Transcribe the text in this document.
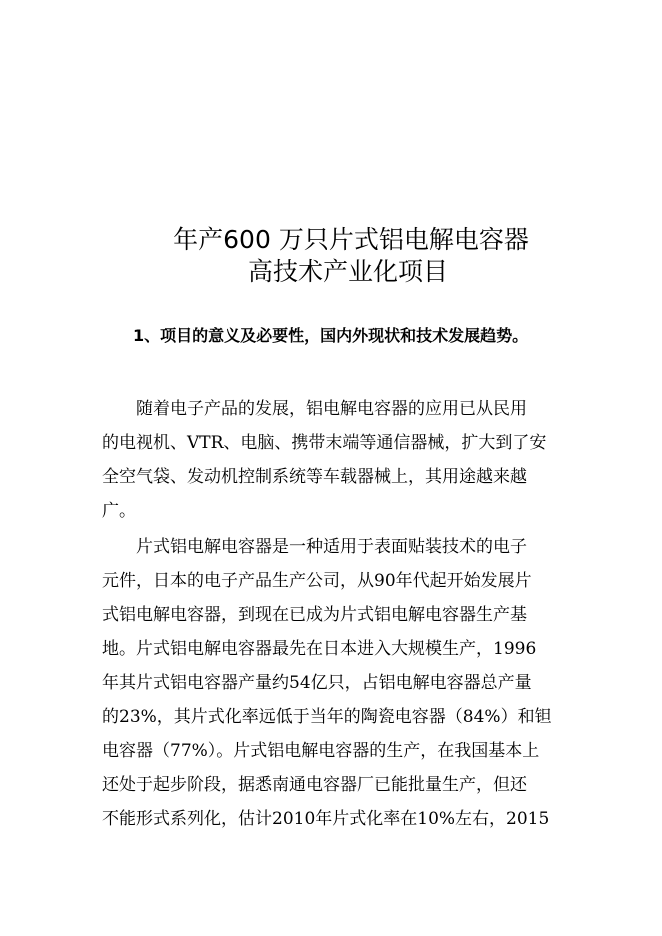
年产600 万只片式铝电解电容器
高技术产业化项目
1、项目的意义及必要性，国内外现状和技术发展趋势。
随着电子产品的发展，铝电解电容器的应用已从民用
的电视机、VTR、电脑、携带末端等通信器械，扩大到了安
全空气袋、发动机控制系统等车载器械上，其用途越来越
广。
片式铝电解电容器是一种适用于表面贴装技术的电子
元件，日本的电子产品生产公司，从90年代起开始发展片
式铝电解电容器，到现在已成为片式铝电解电容器生产基
地。片式铝电解电容器最先在日本进入大规模生产，1996
年其片式铝电容器产量约54亿只，占铝电解电容器总产量
的23%，其片式化率远低于当年的陶瓷电容器（84%）和钽
电容器（77%）。片式铝电解电容器的生产，在我国基本上
还处于起步阶段，据悉南通电容器厂已能批量生产，但还
不能形式系列化，估计2010年片式化率在10%左右，2015
